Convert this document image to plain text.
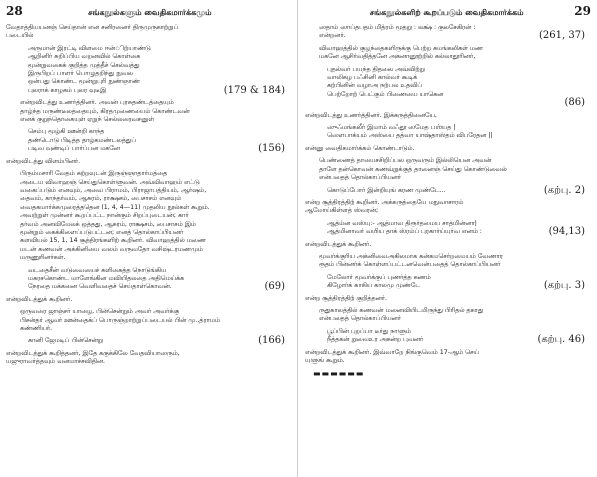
28	சங்கநூல்களும் வைதிகமார்க்கமும்
வேதாத்தியயனஞ் செய்தான் என சனிரனைர் திருமுருகாற்றுப்
படையில்
அருமான் இரட்டி விளமை ஈன்ிற்யாண்டு
ஆறினிர் சுறிப்பிய வறனவில் கொள்கை
மூன்றுவகைக் குறித்த முத்தீச் செல்வத்து
இருபிறப் பாளர் பொழுதறிந்து நுவல
ஒன்பது கொண்ட மூன்றுபுரி நுண்ஞாண்
புலராக் காழகம் புலர வுடீஇ	(179 & 184)
என்றவிடத்து உணர்த்தினர். அவன் புரசுதண்டத்தையும்
தாழ்ந்த மருண்டீலத்தையும், கிரதமுணையைம் கொண்டவன்
எனக் குறுந்தொகையுள் ஏறுந் செல்லரைவசனுள்
செம்பு மூழ்கி ஊன்றி காந்த
தண்டொடு பிடித்த தாழ்கமண்டலத்துப்
படிவ வுண்டிப் பார்ப்பன மகனே	(156)
என்றவிடத்து விளம்பினர்.
பிரும்மசாரி வேதம் கற்றவுடன் இருஞ்ஞாதார்மத்தை
அடைய விவாஹஞ் செய்துகொள்ளுவன். அவ்விவாஹம் எட்டு
வகைப்படும் எனவும், அவை பிராமம், பிராஜாபத்தியம், ஆர்ஷம்,
தைவம், காந்தர்வம், ஆசுரம், ராக்ஷசம், பைசாசம் எனவும்
வைதகமார்க்கமுரைத்ததென (1, 4, 4—11) முதலிய நூல்கள் கூறும்.
அவற்றுள் முன்னர் கூறப்பட்ட நான்கும் சிறப்புடையன்; கார்
தர்வம் அனவிமேலக் ஒத்தது, ஆசுரம், ராக்ஷசம், பைசாசம் இம்
மூன்றும் கைக்கிளைப்படுபட்டன; எனத் தொல்காப்பியனர்
களவியல் 15, 1, 14 சூத்திரங்களிற் கூறினர். விவாஹத்தில் மணை
மடன் கணவன் அக்கினியை வலம் வருவதோ வசிஷ்டரமணமும்
மருணுரினர்கள்.
வடதைசீன் வடுவையைச் சுளிகைத்த நொடுங்கிய
மகரசகொண்ட மாளேங்கின மவியிதலதை அதிமெய்க்க
நேரதை மக்கனை வெளிவதைச் செய்தாள்கொவன்.	(69)
என்றவிடத்துக் கூறினர்.
ஒருவரை ஜாஞ்சர் யாழை, பின்சென்றும் அவர் அவர்க்கு
பிசன்தர் ஆவர் ஊன்தைக்ப் பொருஞ்றாற்றுப்படையல் பின் மு.,த்ராமம்
கண்ணியர்.
கானி ஜேமடிப் பின்சென்று	(166)
என்றவிடத்துக் கூறித்தனர், இதே ககுக்கிலே வேதவியாஸரும்,
யஜுராவர்த்தவும் வனமாச்சவிதின.
சங்கநூல்களிற் கூறப்படும் வைதிகமார்க்கம்	29
ஸதாம் ஸாப்தபதம் மித்ரம் மூதறு : லக்ஷ் : குலசேகிரன் :
என்றனர்.	(261, 37)
விவாஹத்தில் குழந்தைகளிருக்கு பெற்ற சுமங்கலிகள் மண
மகனே ஆசிர்வதித்தனே அகனானூற்றில் கல்லாதூரினர்,
புதல்வர் பயந்த திதலை அவ்விற்று
வாலிகழ பஃசினி கால்வர் கூடிக்
கற்பினின் வழாஅ நற்பல உதவிப்
பெற்றோற் பெட்கும் பிணையை யாகென
(86)
என்றவிடத்து உணர்த்தினர். இக்கருத்தினையே,
ஸுஃமங்கலீர் இமாம் வஃதூ ஸமேத பஶ்யத |
ஸௌபாக்யம் அஸ்யை தத்வா யாஷ்தாஸ்தம் விபரேதன ||
என்னு வைதிகமார்க்கம் கொண்டாடும்.
பெண்ணைத் தாயைசசிறிப்பல ஒருவரும் இல்லியென அவன்
தாளே தன்கொவன் கணவ்றுக்குத் தானைஞ் செய்து கொண்டுவைல்
என்பதைத் தொல்காப்பியனர்
கொடுப்போர் இன்றியுங் கரண முண்டே...	(கற்பு. 2)
என்ற சூத்திரத்திற் கூறினர். அக்கருத்தையே மநுவாசாரம்
ஆமோய்கிள்ளத் ஸ்வரன்;
ஆத்ம்ன வஸ்யு:- ஆத்மாவ திரூர்தமைய சாத்மின்னா|
ஆத்மினாவர் வயிய தாக் ஸ்ரம்ப் புரகார்ய்யுர்வ எனம் :	(94,13)
என்றவிடத்துக் கூறினர்.
மூவர்க்குரிய அக்னிவைஅகிலமாக கன்கமசெர்றமையம் வேணார
ரூதம் பின்னர்க் கொள்ளப்பட்டனவென்பதைத் தொல்காப்பியனர்
மேலோர் மூவர்க்குப் புணர்த்த கணம்
கிழோர்க் காகிய காலமு முண்டே	(கற்பு. 3)
என்ற சூத்திரத்திற் குறித்தனர்.
ருதுகாலத்தில் கணவன் மனைவியிடமிருந்து பிரிதல் தகாது
என்பதைத் தொல்காப்பியனர்
பூப்பின் புறப்பா டீர்து நாளும்
நீத்தகன் றுவைஉர அகன்ற புவனர்	(கற்பு. 46)
என்றவிடத்துக் கூறினர். இவ்வாறே நிங்குவெம் 17-ஆம் செய்
யுளுங் கூறும்.
▬▬▬▬▬▬
